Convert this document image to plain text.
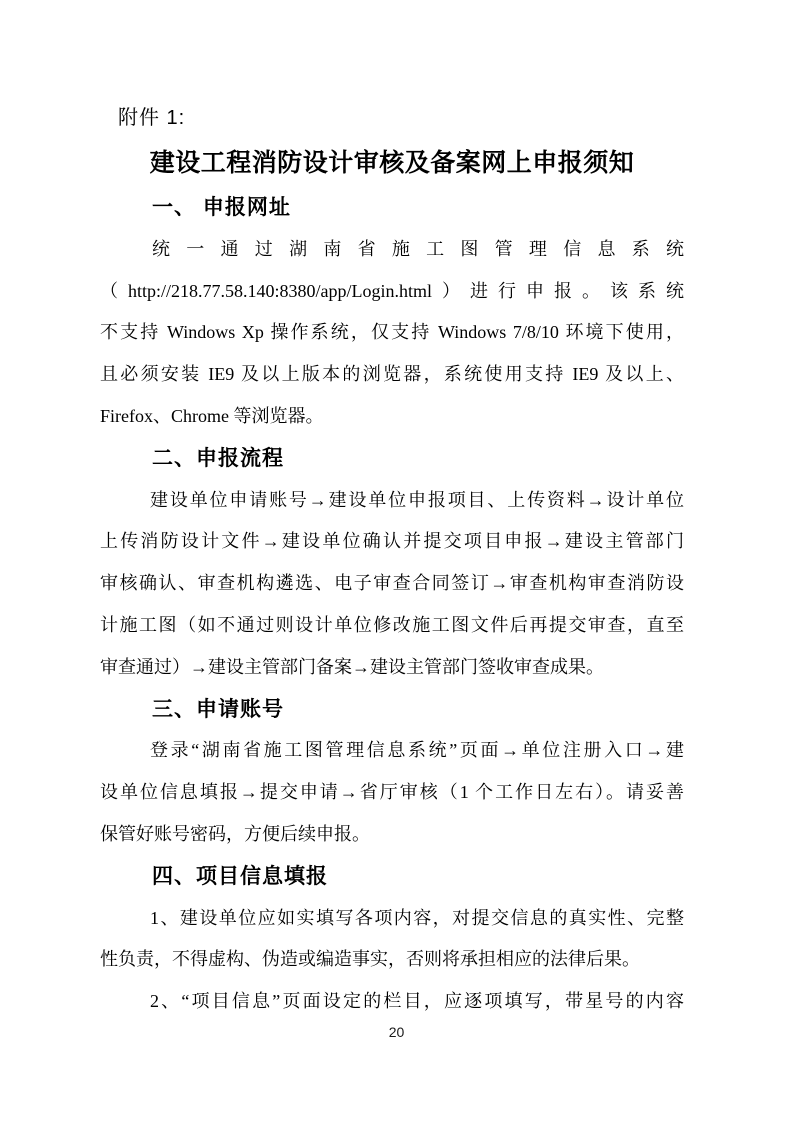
附件 1:
建设工程消防设计审核及备案网上申报须知
一、 申报网址
统 一 通 过 湖 南 省 施 工 图 管 理 信 息 系 统
（http://218.77.58.140:8380/app/Login.html）进行申报。该系统
不支持 Windows Xp 操作系统，仅支持 Windows 7/8/10 环境下使用，
且必须安装 IE9 及以上版本的浏览器，系统使用支持 IE9 及以上、
Firefox、Chrome 等浏览器。
二、申报流程
建设单位申请账号→建设单位申报项目、上传资料→设计单位
上传消防设计文件→建设单位确认并提交项目申报→建设主管部门
审核确认、审查机构遴选、电子审查合同签订→审查机构审查消防设
计施工图（如不通过则设计单位修改施工图文件后再提交审查，直至
审查通过）→建设主管部门备案→建设主管部门签收审查成果。
三、申请账号
登录“湖南省施工图管理信息系统”页面→单位注册入口→建
设单位信息填报→提交申请→省厅审核（1 个工作日左右）。请妥善
保管好账号密码，方便后续申报。
四、项目信息填报
1、建设单位应如实填写各项内容，对提交信息的真实性、完整
性负责，不得虚构、伪造或编造事实，否则将承担相应的法律后果。
2、“项目信息”页面设定的栏目，应逐项填写，带星号的内容
20
